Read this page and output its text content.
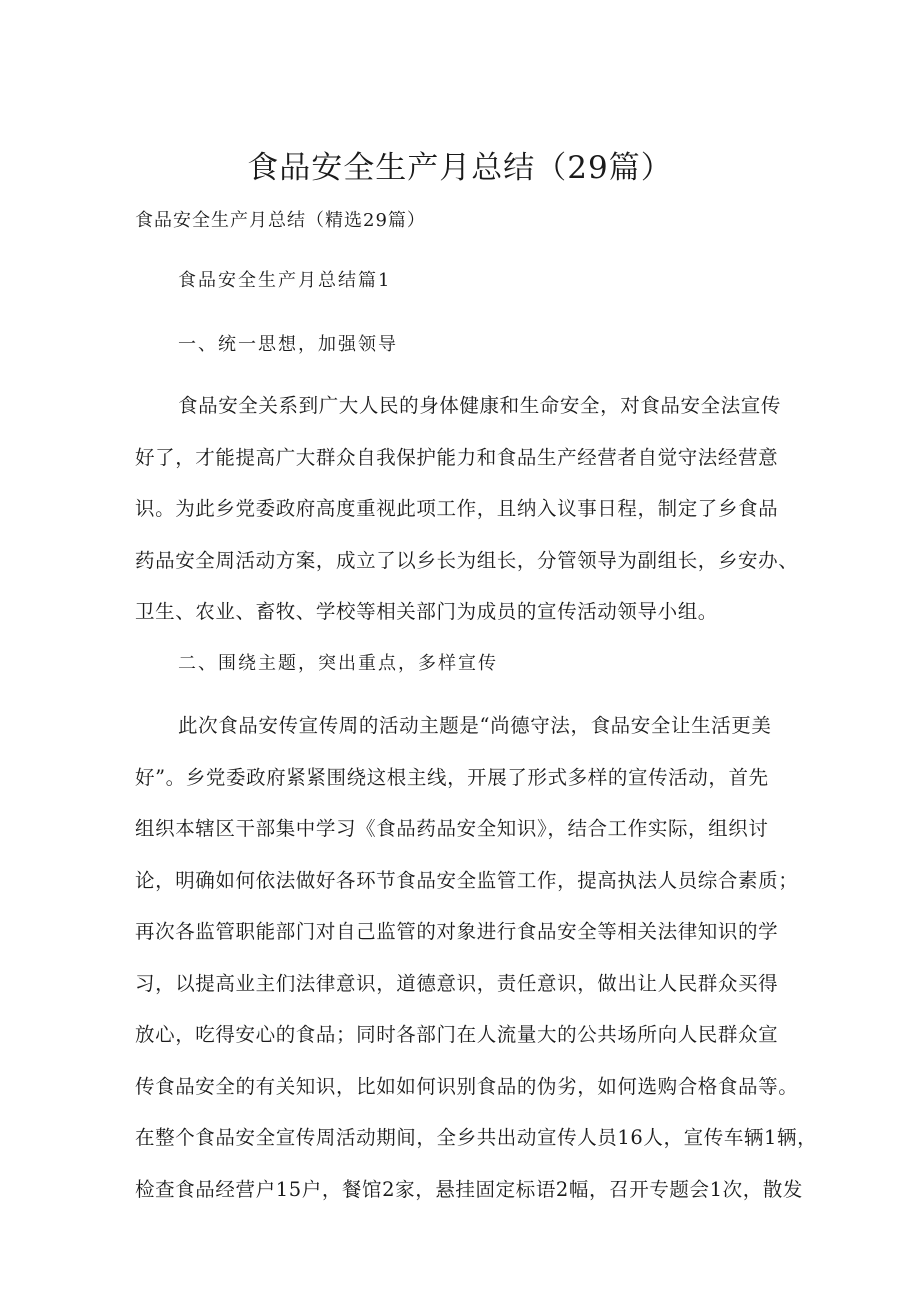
食品安全生产月总结（29篇）

食品安全生产月总结（精选29篇）

食品安全生产月总结篇1

一、统一思想，加强领导

食品安全关系到广大人民的身体健康和生命安全，对食品安全法宣传
好了，才能提高广大群众自我保护能力和食品生产经营者自觉守法经营意
识。为此乡党委政府高度重视此项工作，且纳入议事日程，制定了乡食品
药品安全周活动方案，成立了以乡长为组长，分管领导为副组长，乡安办、
卫生、农业、畜牧、学校等相关部门为成员的宣传活动领导小组。

二、围绕主题，突出重点，多样宣传

此次食品安传宣传周的活动主题是“尚德守法，食品安全让生活更美
好”。乡党委政府紧紧围绕这根主线，开展了形式多样的宣传活动，首先
组织本辖区干部集中学习《食品药品安全知识》，结合工作实际，组织讨
论，明确如何依法做好各环节食品安全监管工作，提高执法人员综合素质；
再次各监管职能部门对自己监管的对象进行食品安全等相关法律知识的学
习，以提高业主们法律意识，道德意识，责任意识，做出让人民群众买得
放心，吃得安心的食品；同时各部门在人流量大的公共场所向人民群众宣
传食品安全的有关知识，比如如何识别食品的伪劣，如何选购合格食品等。
在整个食品安全宣传周活动期间，全乡共出动宣传人员16人，宣传车辆1辆，
检查食品经营户15户，餐馆2家，悬挂固定标语2幅，召开专题会1次，散发
